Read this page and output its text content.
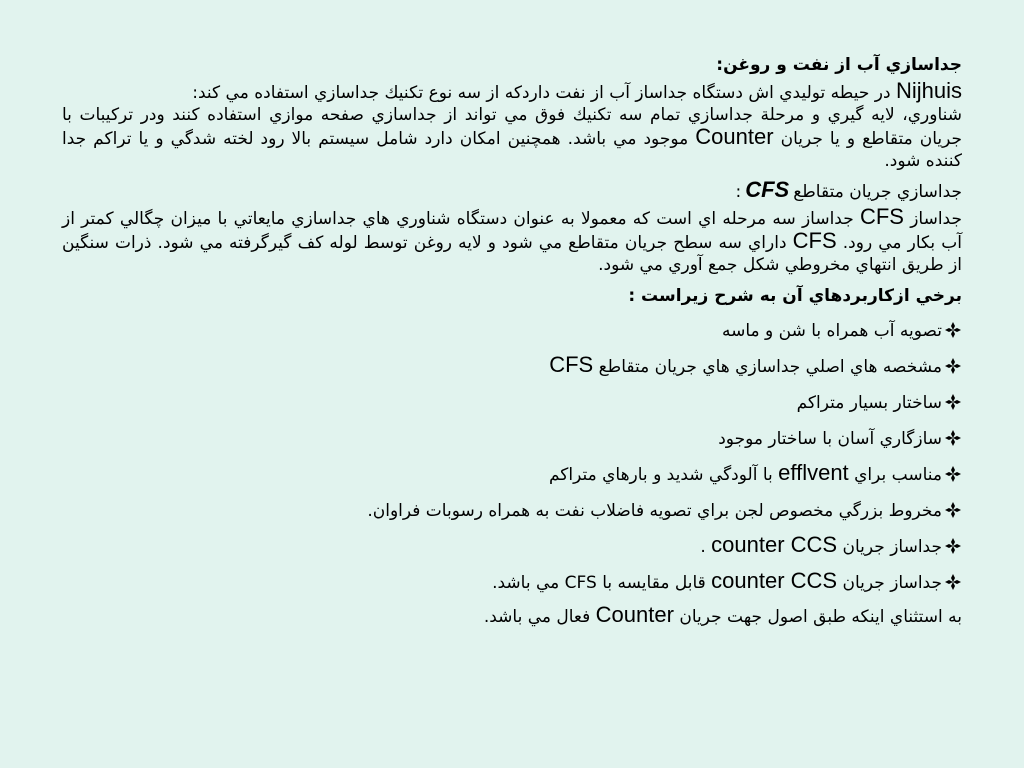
جداسازي آب از نفت و روغن:

Nijhuis در حيطه توليدي اش دستگاه جداساز آب از نفت داردكه از سه نوع تكنيك جداسازي استفاده مي كند:

شناوري، لايه گيري و مرحلة جداسازي تمام سه تكنيك فوق مي تواند از جداسازي صفحه موازي استفاده كنند ودر تركيبات با جريان متقاطع و يا جريان Counter موجود مي باشد. همچنين امكان دارد شامل سيستم بالا رود لخته شدگي و يا تراكم جدا كننده شود.

جداسازي جريان متقاطعCFS:

جداساز CFS جداساز سه مرحله اي است كه معمولا به عنوان دستگاه شناوري هاي جداسازي مايعاتي با ميزان چگالي كمتر از آب بكار مي رود. CFS داراي سه سطح جريان متقاطع مي شود و لايه روغن توسط لوله كف گيرگرفته مي شود. ذرات سنگين از طريق انتهاي مخروطي شكل جمع آوري مي شود.

برخي ازكاربردهاي آن به شرح زيراست :

تصويه آب همراه با شن و ماسه
مشخصه هاي اصلي جداسازي هاي جريان متقاطع CFS
ساختار بسيار متراكم
سازگاري آسان با ساختار موجود
مناسب براي efflvent با آلودگي شديد و بارهاي متراكم
مخروط بزرگي مخصوص لجن براي تصويه فاضلاب نفت به همراه رسوبات فراوان.
جداساز جريان counter CCS .
جداساز جريان counter CCS قابل مقايسه با CFS مي باشد.

به استثناي اينكه طبق اصول جهت جريان Counter فعال مي باشد.
